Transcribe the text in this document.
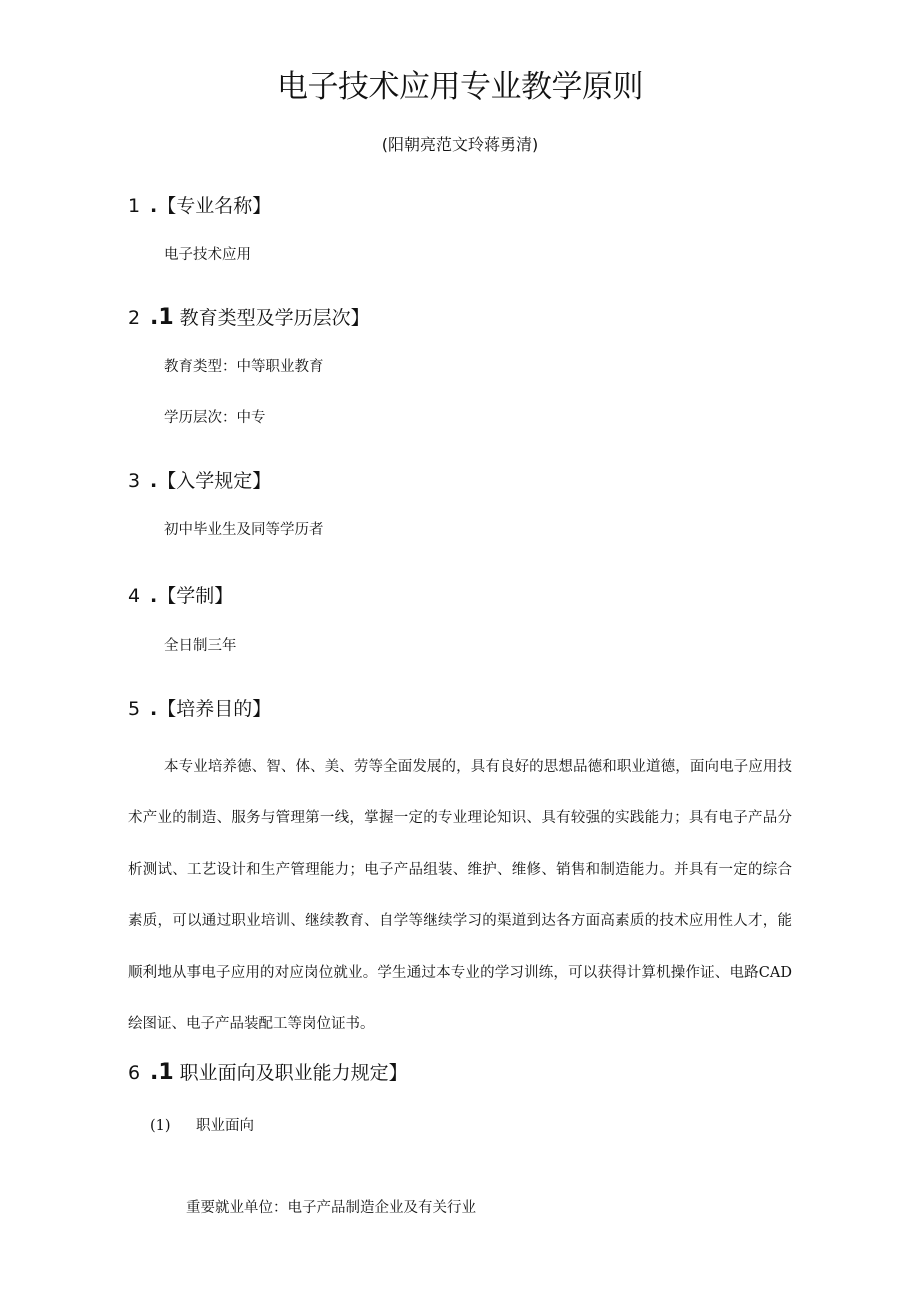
电子技术应用专业教学原则
(阳朝亮范文玲蒋勇清)
1 .【专业名称】
电子技术应用
2 .1 教育类型及学历层次】
教育类型：中等职业教育
学历层次：中专
3 .【入学规定】
初中毕业生及同等学历者
4 .【学制】
全日制三年
5 .【培养目的】

本专业培养德、智、体、美、劳等全面发展的，具有良好的思想品德和职业道德，面向电子应用技术产业的制造、服务与管理第一线，掌握一定的专业理论知识、具有较强的实践能力；具有电子产品分析测试、工艺设计和生产管理能力；电子产品组装、维护、维修、销售和制造能力。并具有一定的综合素质，可以通过职业培训、继续教育、自学等继续学习的渠道到达各方面高素质的技术应用性人才，能顺利地从事电子应用的对应岗位就业。学生通过本专业的学习训练，可以获得计算机操作证、电路CAD绘图证、电子产品装配工等岗位证书。

6 .1 职业面向及职业能力规定】
(1) 职业面向
重要就业单位：电子产品制造企业及有关行业
